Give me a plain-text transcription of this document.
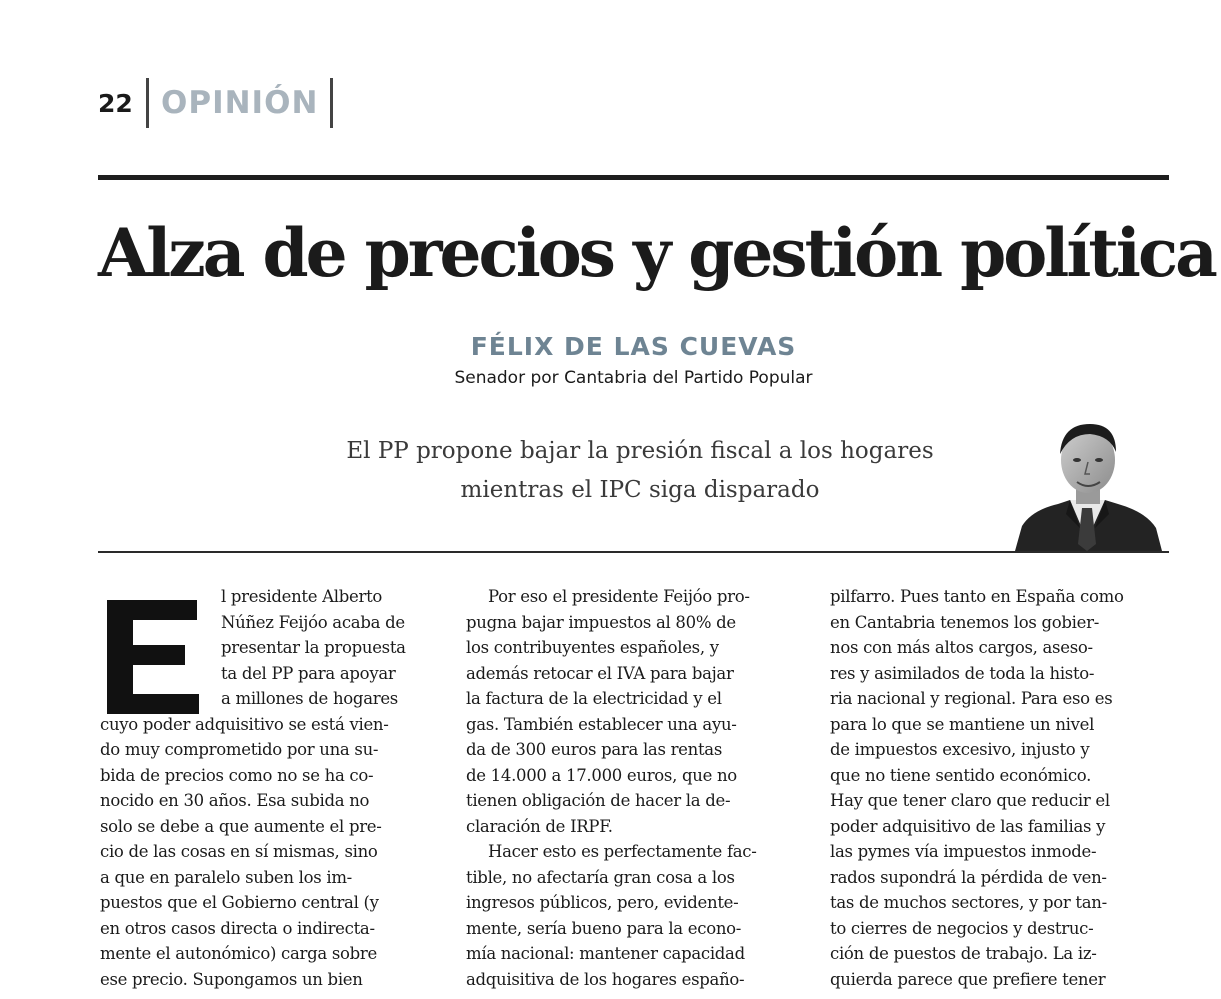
22 OPINIÓN
Alza de precios y gestión política
FÉLIX DE LAS CUEVAS
Senador por Cantabria del Partido Popular
El PP propone bajar la presión fiscal a los hogares
mientras el IPC siga disparado

l presidente Alberto
Núñez Feijóo acaba de
presentar la propuesta
ta del PP para apoyar
a millones de hogares
cuyo poder adquisitivo se está vien-
do muy comprometido por una su-
bida de precios como no se ha co-
nocido en 30 años. Esa subida no
solo se debe a que aumente el pre-
cio de las cosas en sí mismas, sino
a que en paralelo suben los im-
puestos que el Gobierno central (y
en otros casos directa o indirecta-
mente el autonómico) carga sobre
ese precio. Supongamos un bien

Por eso el presidente Feijóo pro-
pugna bajar impuestos al 80% de
los contribuyentes españoles, y
además retocar el IVA para bajar
la factura de la electricidad y el
gas. También establecer una ayu-
da de 300 euros para las rentas
de 14.000 a 17.000 euros, que no
tienen obligación de hacer la de-
claración de IRPF.

Hacer esto es perfectamente fac-
tible, no afectaría gran cosa a los
ingresos públicos, pero, evidente-
mente, sería bueno para la econo-
mía nacional: mantener capacidad
adquisitiva de los hogares españo-

pilfarro. Pues tanto en España como
en Cantabria tenemos los gobier-
nos con más altos cargos, aseso-
res y asimilados de toda la histo-
ria nacional y regional. Para eso es
para lo que se mantiene un nivel
de impuestos excesivo, injusto y
que no tiene sentido económico.
Hay que tener claro que reducir el
poder adquisitivo de las familias y
las pymes vía impuestos inmode-
rados supondrá la pérdida de ven-
tas de muchos sectores, y por tan-
to cierres de negocios y destruc-
ción de puestos de trabajo. La iz-
quierda parece que prefiere tener
